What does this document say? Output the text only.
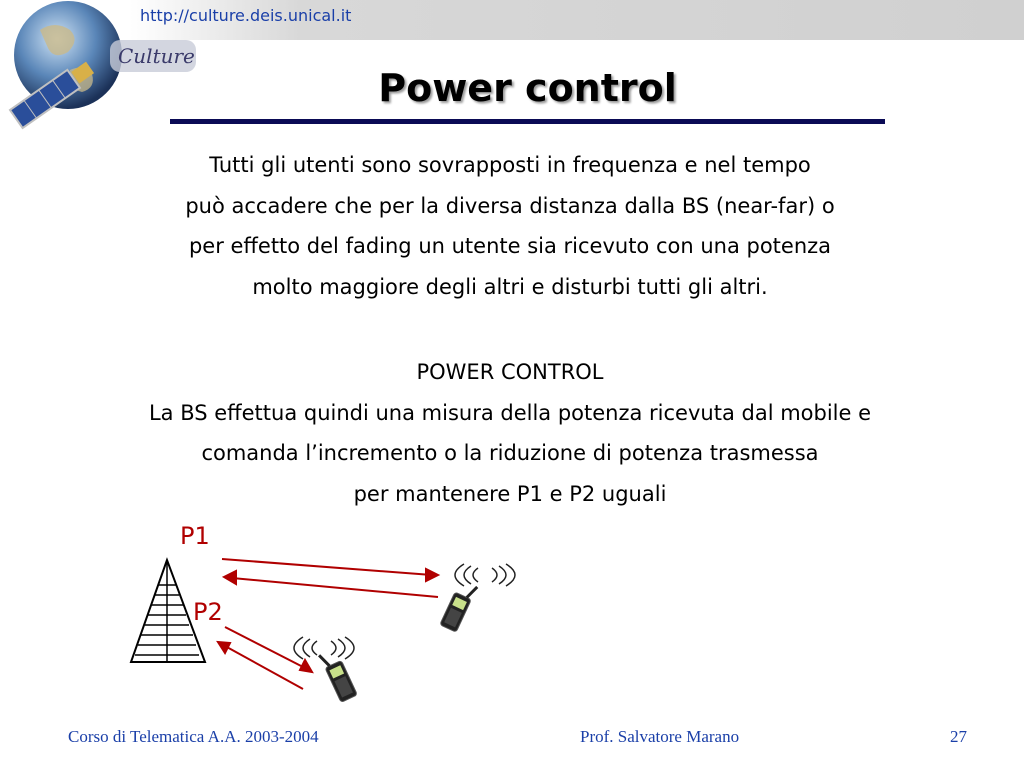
http://culture.deis.unical.it
Culture
Power control
Tutti gli utenti sono sovrapposti in frequenza e nel tempo
può accadere che per la diversa distanza dalla BS (near-far) o
per effetto del fading un utente sia ricevuto con una potenza
molto maggiore degli altri e disturbi tutti gli altri.
POWER CONTROL
La BS effettua quindi una misura della potenza ricevuta dal mobile e
comanda l’incremento o la riduzione di potenza trasmessa
per mantenere P1 e P2 uguali
P1
P2
Corso di Telematica A.A. 2003-2004	Prof. Salvatore Marano	27
